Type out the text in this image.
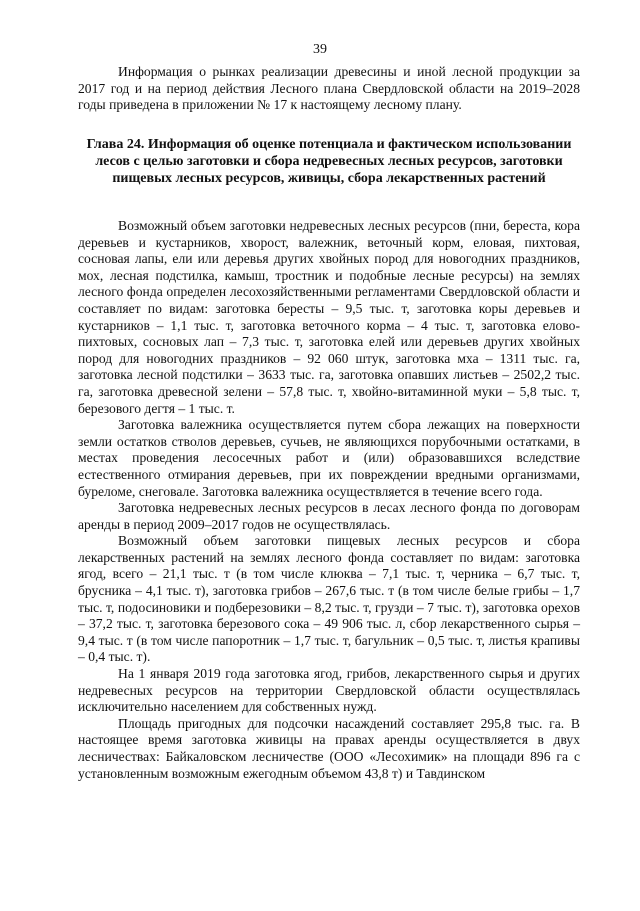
39
Информация о рынках реализации древесины и иной лесной продукции за 2017 год и на период действия Лесного плана Свердловской области на 2019–2028 годы приведена в приложении № 17 к настоящему лесному плану.
Глава 24. Информация об оценке потенциала и фактическом использовании лесов с целью заготовки и сбора недревесных лесных ресурсов, заготовки пищевых лесных ресурсов, живицы, сбора лекарственных растений

Возможный объем заготовки недревесных лесных ресурсов (пни, береста, кора деревьев и кустарников, хворост, валежник, веточный корм, еловая, пихтовая, сосновая лапы, ели или деревья других хвойных пород для новогодних праздников, мох, лесная подстилка, камыш, тростник и подобные лесные ресурсы) на землях лесного фонда определен лесохозяйственными регламентами Свердловской области и составляет по видам: заготовка бересты – 9,5 тыс. т, заготовка коры деревьев и кустарников – 1,1 тыс. т, заготовка веточного корма – 4 тыс. т, заготовка елово-пихтовых, сосновых лап – 7,3 тыс. т, заготовка елей или деревьев других хвойных пород для новогодних праздников – 92 060 штук, заготовка мха – 1311 тыс. га, заготовка лесной подстилки – 3633 тыс. га, заготовка опавших листьев – 2502,2 тыс. га, заготовка древесной зелени – 57,8 тыс. т, хвойно-витаминной муки – 5,8 тыс. т, березового дегтя – 1 тыс. т.

Заготовка валежника осуществляется путем сбора лежащих на поверхности земли остатков стволов деревьев, сучьев, не являющихся порубочными остатками, в местах проведения лесосечных работ и (или) образовавшихся вследствие естественного отмирания деревьев, при их повреждении вредными организмами, буреломе, снеговале. Заготовка валежника осуществляется в течение всего года.

Заготовка недревесных лесных ресурсов в лесах лесного фонда по договорам аренды в период 2009–2017 годов не осуществлялась.

Возможный объем заготовки пищевых лесных ресурсов и сбора лекарственных растений на землях лесного фонда составляет по видам: заготовка ягод, всего – 21,1 тыс. т (в том числе клюква – 7,1 тыс. т, черника – 6,7 тыс. т, брусника – 4,1 тыс. т), заготовка грибов – 267,6 тыс. т (в том числе белые грибы – 1,7 тыс. т, подосиновики и подберезовики – 8,2 тыс. т, грузди – 7 тыс. т), заготовка орехов – 37,2 тыс. т, заготовка березового сока – 49 906 тыс. л, сбор лекарственного сырья – 9,4 тыс. т (в том числе папоротник – 1,7 тыс. т, багульник – 0,5 тыс. т, листья крапивы – 0,4 тыс. т).

На 1 января 2019 года заготовка ягод, грибов, лекарственного сырья и других недревесных ресурсов на территории Свердловской области осуществлялась исключительно населением для собственных нужд.

Площадь пригодных для подсочки насаждений составляет 295,8 тыс. га. В настоящее время заготовка живицы на правах аренды осуществляется в двух лесничествах: Байкаловском лесничестве (ООО «Лесохимик» на площади 896 га с установленным возможным ежегодным объемом 43,8 т) и Тавдинском
